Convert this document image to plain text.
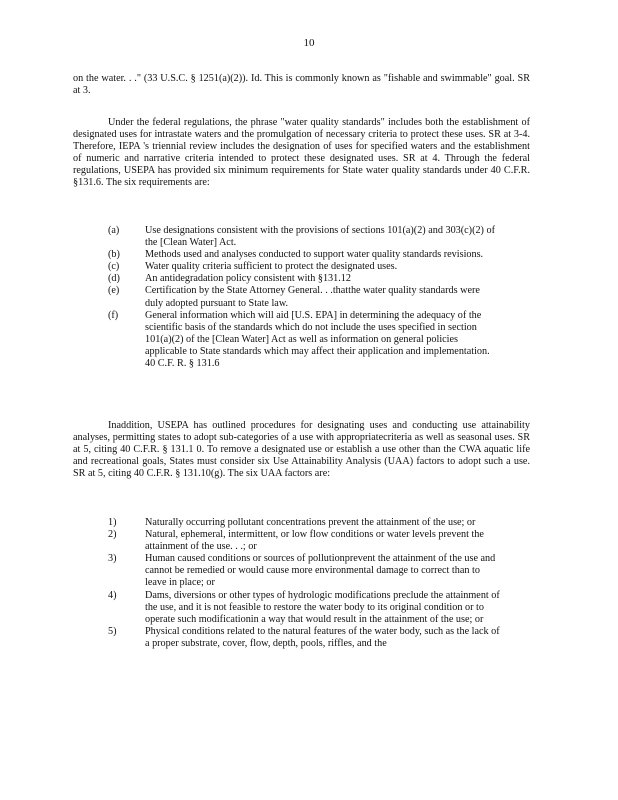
10
on the water. . ." (33 U.S.C. § 1251(a)(2)). Id. This is commonly known as "fishable and swimmable" goal. SR at 3.
Under the federal regulations, the phrase "water quality standards" includes both the establishment of designated uses for intrastate waters and the promulgation of necessary criteria to protect these uses. SR at 3-4. Therefore, IEPA 's triennial review includes the designation of uses for specified waters and the establishment of numeric and narrative criteria intended to protect these designated uses. SR at 4. Through the federal regulations, USEPA has provided six minimum requirements for State water quality standards under 40 C.F.R. §131.6. The six requirements are:
(a)	Use designations consistent with the provisions of sections 101(a)(2) and 303(c)(2) of the [Clean Water] Act.
(b)	Methods used and analyses conducted to support water quality standards revisions.
(c)	Water quality criteria sufficient to protect the designated uses.
(d)	An antidegradation policy consistent with §131.12
(e)	Certification by the State Attorney General. . .thatthe water quality standards were duly adopted pursuant to State law.
(f)	General information which will aid [U.S. EPA] in determining the adequacy of the scientific basis of the standards which do not include the uses specified in section 101(a)(2) of the [Clean Water] Act as well as information on general policies applicable to State standards which may affect their application and implementation. 40 C.F. R. § 131.6
Inaddition, USEPA has outlined procedures for designating uses and conducting use attainability analyses, permitting states to adopt sub-categories of a use with appropriatecriteria as well as seasonal uses. SR at 5, citing 40 C.F.R. § 131.1 0. To remove a designated use or establish a use other than the CWA aquatic life and recreational goals, States must consider six Use Attainability Analysis (UAA) factors to adopt such a use. SR at 5, citing 40 C.F.R. § 131.10(g). The six UAA factors are:
1)	Naturally occurring pollutant concentrations prevent the attainment of the use; or
2)	Natural, ephemeral, intermittent, or low flow conditions or water levels prevent the attainment of the use. . .; or
3)	Human caused conditions or sources of pollutionprevent the attainment of the use and cannot be remedied or would cause more environmental damage to correct than to leave in place; or
4)	Dams, diversions or other types of hydrologic modifications preclude the attainment of the use, and it is not feasible to restore the water body to its original condition or to operate such modificationin a way that would result in the attainment of the use; or
5)	Physical conditions related to the natural features of the water body, such as the lack of a proper substrate, cover, flow, depth, pools, riffles, and the
